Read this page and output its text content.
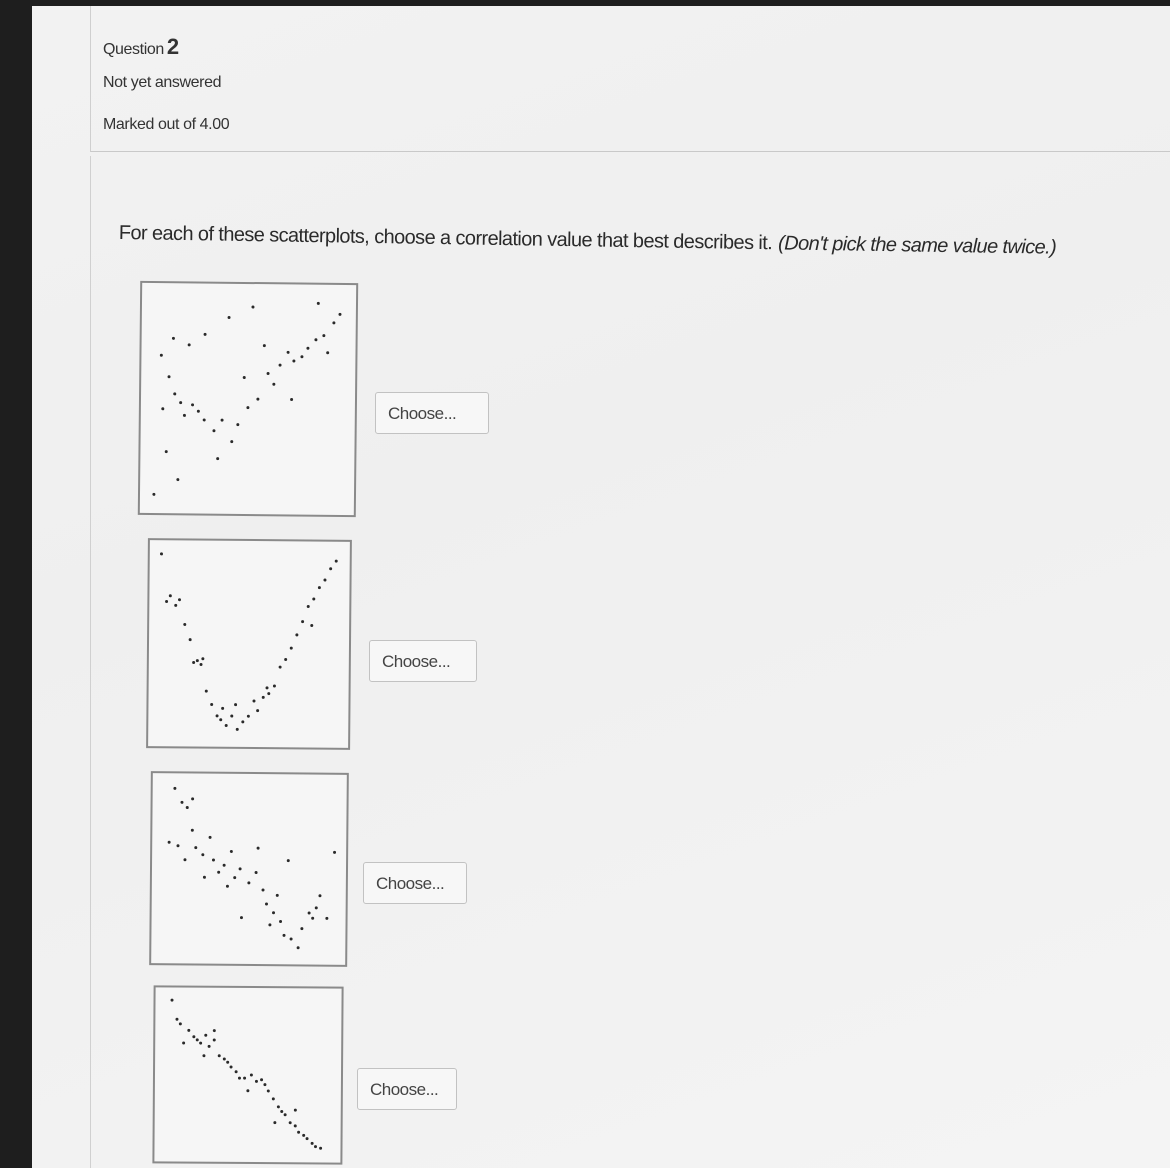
Question 2
Not yet answered
Marked out of 4.00
For each of these scatterplots, choose a correlation value that best describes it. (Don't pick the same value twice.)
Choose...
Choose...
Choose...
Choose...
